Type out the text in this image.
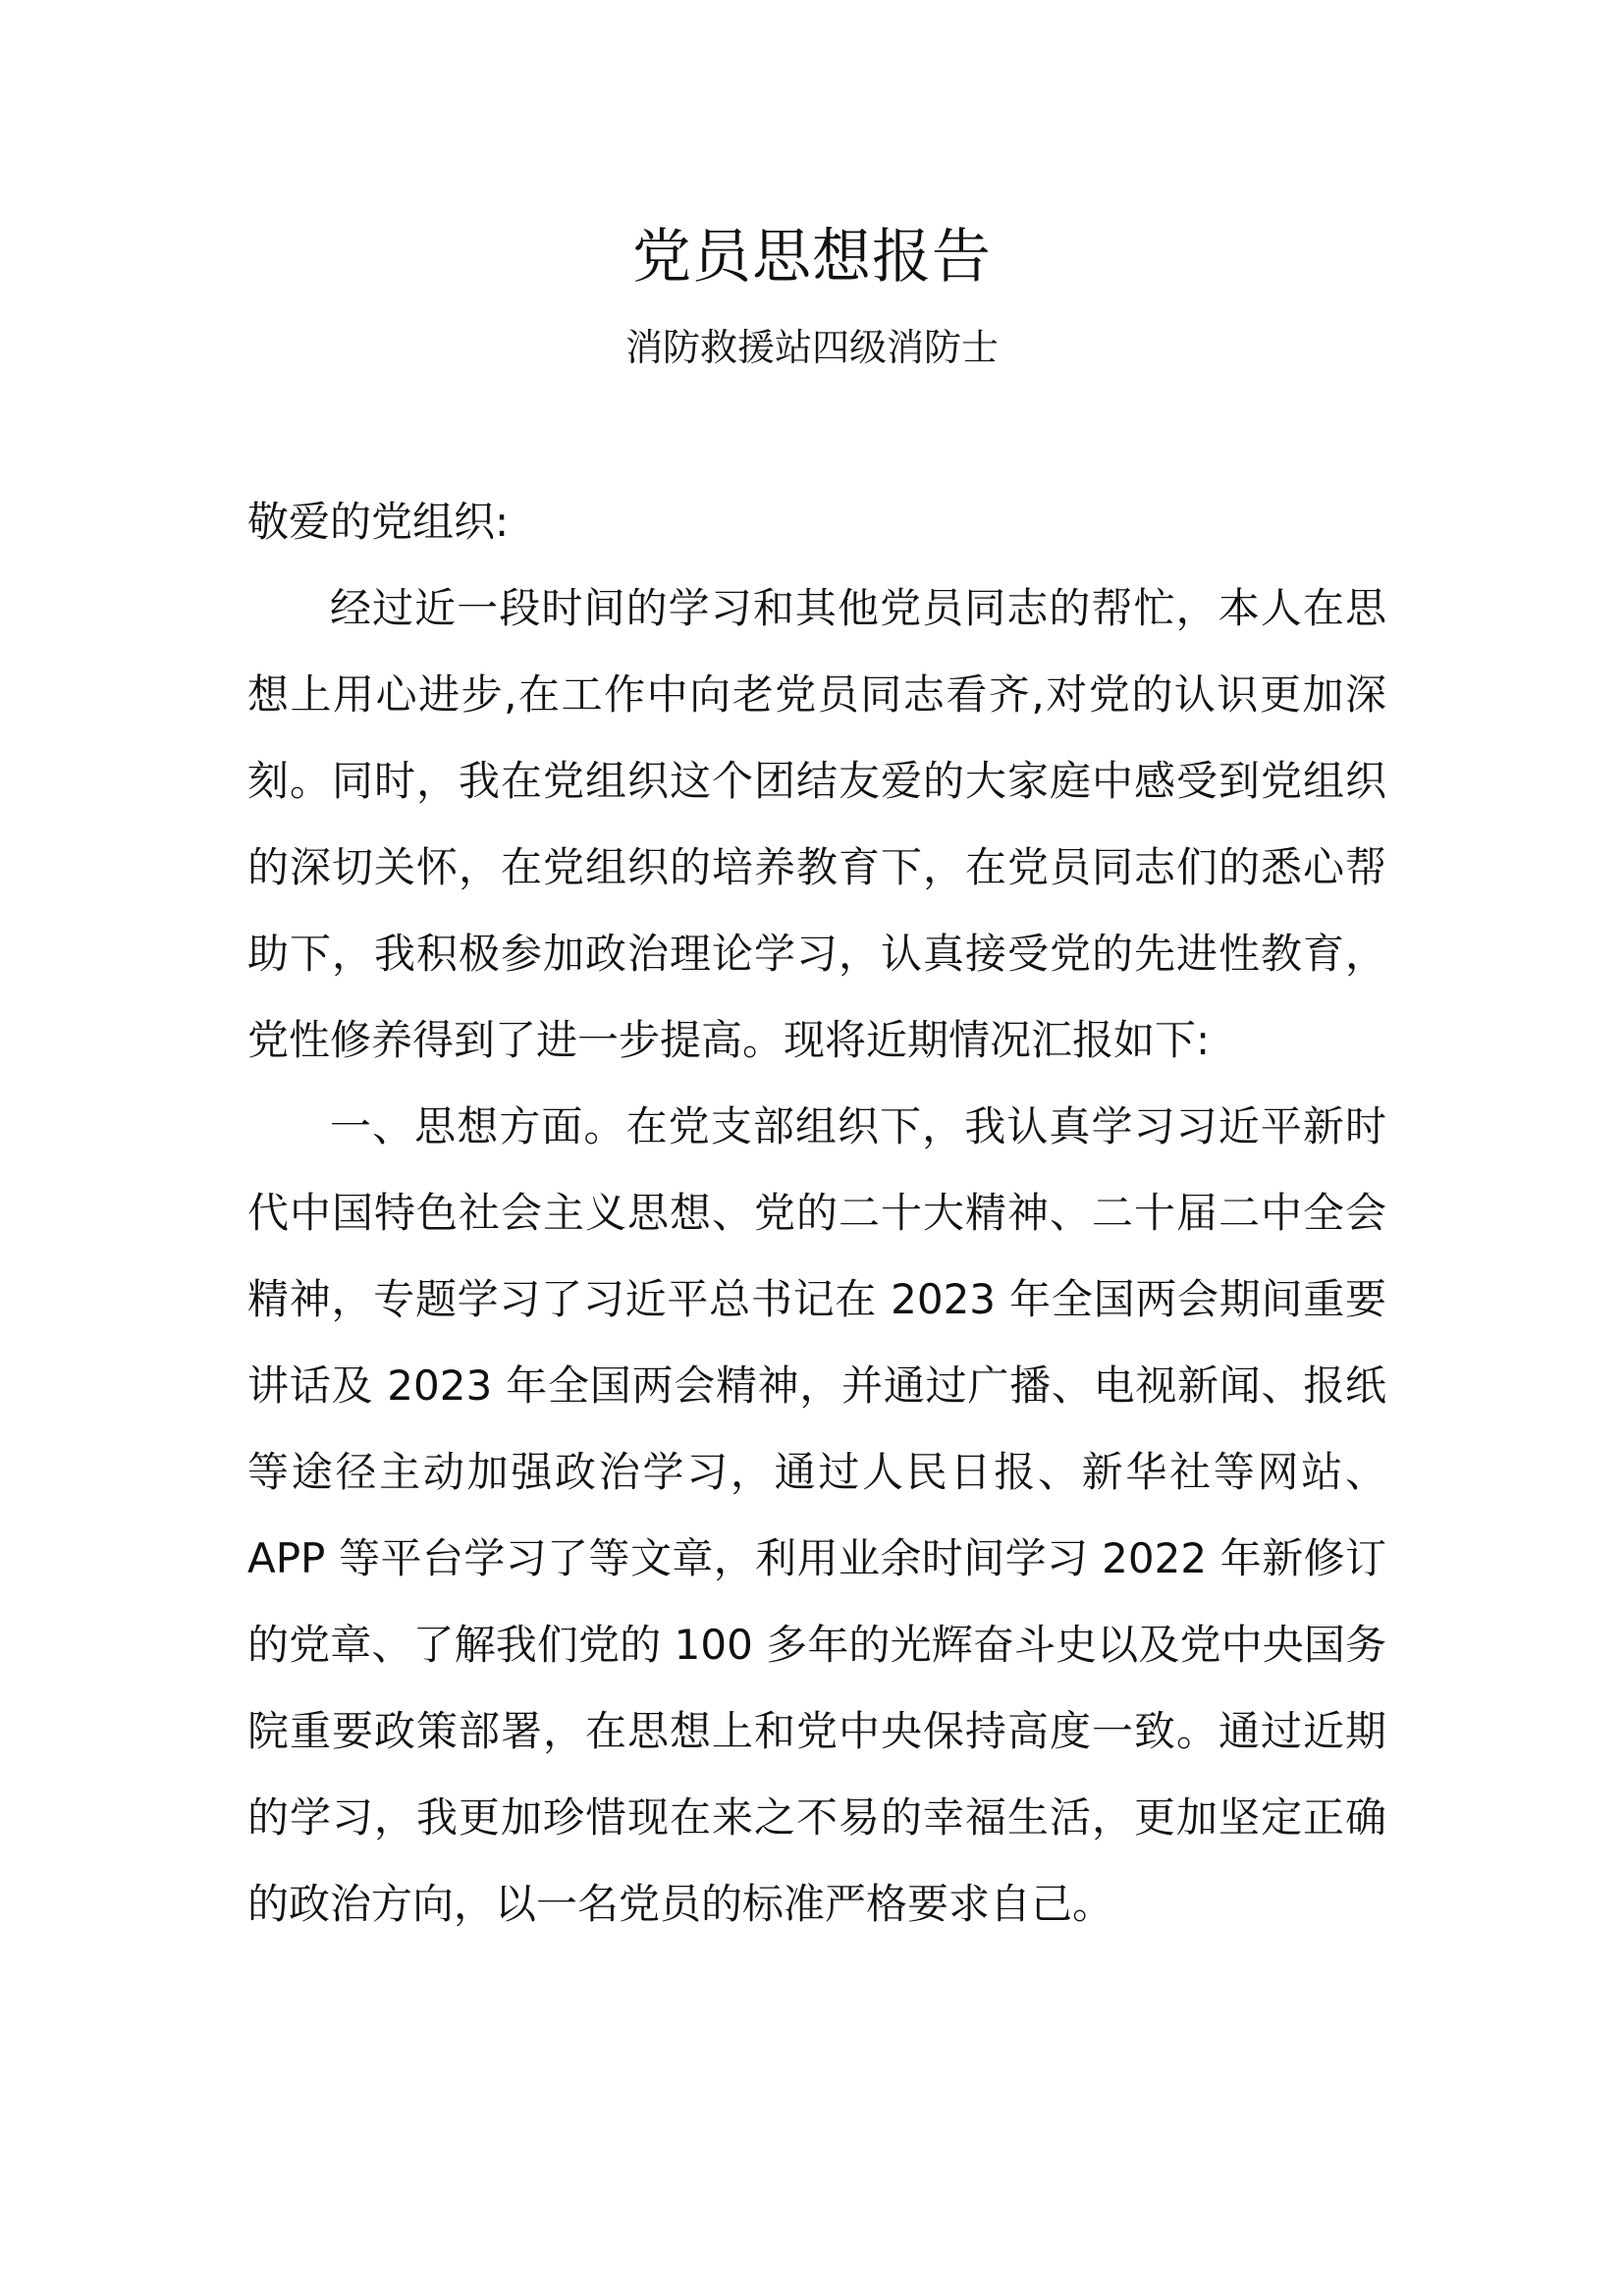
党员思想报告
消防救援站四级消防士

敬爱的党组织:

经过近一段时间的学习和其他党员同志的帮忙，本人在思想上用心进步,在工作中向老党员同志看齐,对党的认识更加深刻。同时，我在党组织这个团结友爱的大家庭中感受到党组织的深切关怀，在党组织的培养教育下，在党员同志们的悉心帮助下，我积极参加政治理论学习，认真接受党的先进性教育，党性修养得到了进一步提高。现将近期情况汇报如下:

一、思想方面。在党支部组织下，我认真学习习近平新时代中国特色社会主义思想、党的二十大精神、二十届二中全会精神，专题学习了习近平总书记在 2023 年全国两会期间重要讲话及 2023 年全国两会精神，并通过广播、电视新闻、报纸等途径主动加强政治学习，通过人民日报、新华社等网站、APP 等平台学习了等文章，利用业余时间学习 2022 年新修订的党章、了解我们党的 100 多年的光辉奋斗史以及党中央国务院重要政策部署，在思想上和党中央保持高度一致。通过近期的学习，我更加珍惜现在来之不易的幸福生活，更加坚定正确的政治方向，以一名党员的标准严格要求自己。
